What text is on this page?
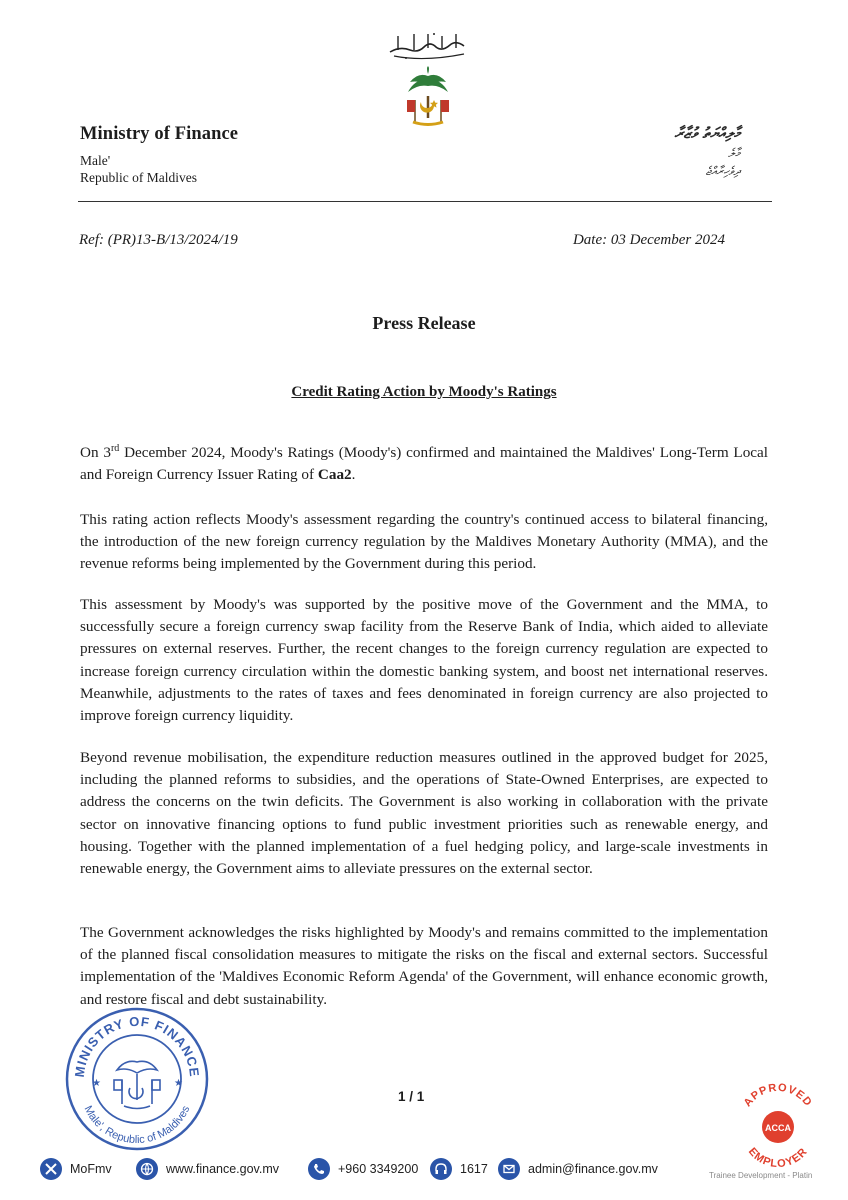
Ministry of Finance
Male'
Republic of Maldives
މާލިއްޔަތު ވުޒާރާ
މާލެ
ދިވެހިރާއްޖެ
Ref: (PR)13-B/13/2024/19	Date: 03 December 2024
Press Release
Credit Rating Action by Moody's Ratings
On 3rd December 2024, Moody's Ratings (Moody's) confirmed and maintained the Maldives' Long-Term Local and Foreign Currency Issuer Rating of Caa2.
This rating action reflects Moody's assessment regarding the country's continued access to bilateral financing, the introduction of the new foreign currency regulation by the Maldives Monetary Authority (MMA), and the revenue reforms being implemented by the Government during this period.
This assessment by Moody's was supported by the positive move of the Government and the MMA, to successfully secure a foreign currency swap facility from the Reserve Bank of India, which aided to alleviate pressures on external reserves. Further, the recent changes to the foreign currency regulation are expected to increase foreign currency circulation within the domestic banking system, and boost net international reserves. Meanwhile, adjustments to the rates of taxes and fees denominated in foreign currency are also projected to improve foreign currency liquidity.
Beyond revenue mobilisation, the expenditure reduction measures outlined in the approved budget for 2025, including the planned reforms to subsidies, and the operations of State-Owned Enterprises, are expected to address the concerns on the twin deficits. The Government is also working in collaboration with the private sector on innovative financing options to fund public investment priorities such as renewable energy, and housing. Together with the planned implementation of a fuel hedging policy, and large-scale investments in renewable energy, the Government aims to alleviate pressures on the external sector.
The Government acknowledges the risks highlighted by Moody's and remains committed to the implementation of the planned fiscal consolidation measures to mitigate the risks on the fiscal and external sectors. Successful implementation of the 'Maldives Economic Reform Agenda' of the Government, will enhance economic growth, and restore fiscal and debt sustainability.
MINISTRY OF FINANCE
Male', Republic of Maldives
★	★
1 / 1	APPROVED
EMPLOYER
ACCA
Trainee Development - Platin
MoFmv	www.finance.gov.mv	+960 3349200	1617	admin@finance.gov.mv
